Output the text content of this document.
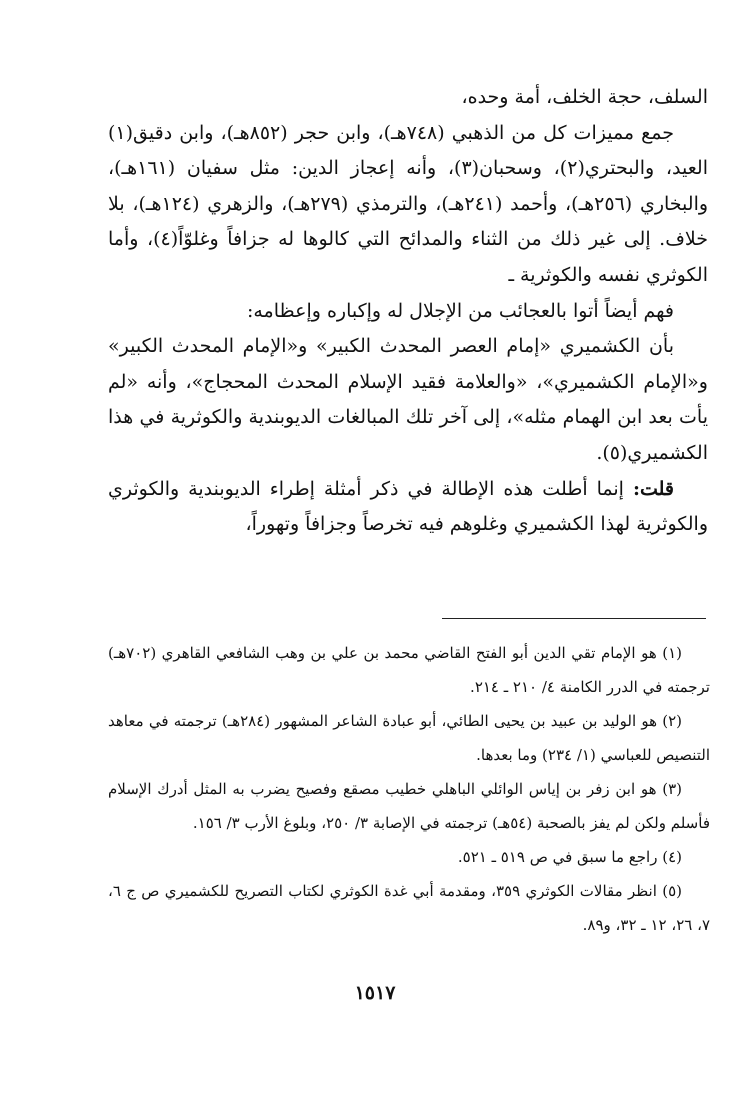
السلف، حجة الخلف، أمة وحده،

جمع مميزات كل من الذهبي (٧٤٨هـ)، وابن حجر (٨٥٢هـ)، وابن دقيق(١) العيد، والبحتري(٢)، وسحبان(٣)، وأنه إعجاز الدين: مثل سفيان (١٦١هـ)، والبخاري (٢٥٦هـ)، وأحمد (٢٤١هـ)، والترمذي (٢٧٩هـ)، والزهري (١٢٤هـ)، بلا خلاف. إلى غير ذلك من الثناء والمدائح التي كالوها له جزافاً وغلوّاً(٤)، وأما الكوثري نفسه والكوثرية ـ

فهم أيضاً أتوا بالعجائب من الإجلال له وإكباره وإعظامه:

بأن الكشميري «إمام العصر المحدث الكبير» و«الإمام المحدث الكبير» و«الإمام الكشميري»، «والعلامة فقيد الإسلام المحدث المحجاج»، وأنه «لم يأت بعد ابن الهمام مثله»، إلى آخر تلك المبالغات الديوبندية والكوثرية في هذا الكشميري(٥).

قلت: إنما أطلت هذه الإطالة في ذكر أمثلة إطراء الديوبندية والكوثري والكوثرية لهذا الكشميري وغلوهم فيه تخرصاً وجزافاً وتهوراً،

(١) هو الإمام تقي الدين أبو الفتح القاضي محمد بن علي بن وهب الشافعي القاهري (٧٠٢هـ) ترجمته في الدرر الكامنة ٤/ ٢١٠ ـ ٢١٤.

(٢) هو الوليد بن عبيد بن يحيى الطائي، أبو عبادة الشاعر المشهور (٢٨٤هـ) ترجمته في معاهد التنصيص للعباسي (١/ ٢٣٤) وما بعدها.

(٣) هو ابن زفر بن إياس الوائلي الباهلي خطيب مصقع وفصيح يضرب به المثل أدرك الإسلام فأسلم ولكن لم يفز بالصحبة (٥٤هـ) ترجمته في الإصابة ٣/ ٢٥٠، وبلوغ الأرب ٣/ ١٥٦.

(٤) راجع ما سبق في ص ٥١٩ ـ ٥٢١.

(٥) انظر مقالات الكوثري ٣٥٩، ومقدمة أبي غدة الكوثري لكتاب التصريح للكشميري ص ج ٦، ٧، ٢٦، ١٢ ـ ٣٢، و٨٩.

١٥١٧
